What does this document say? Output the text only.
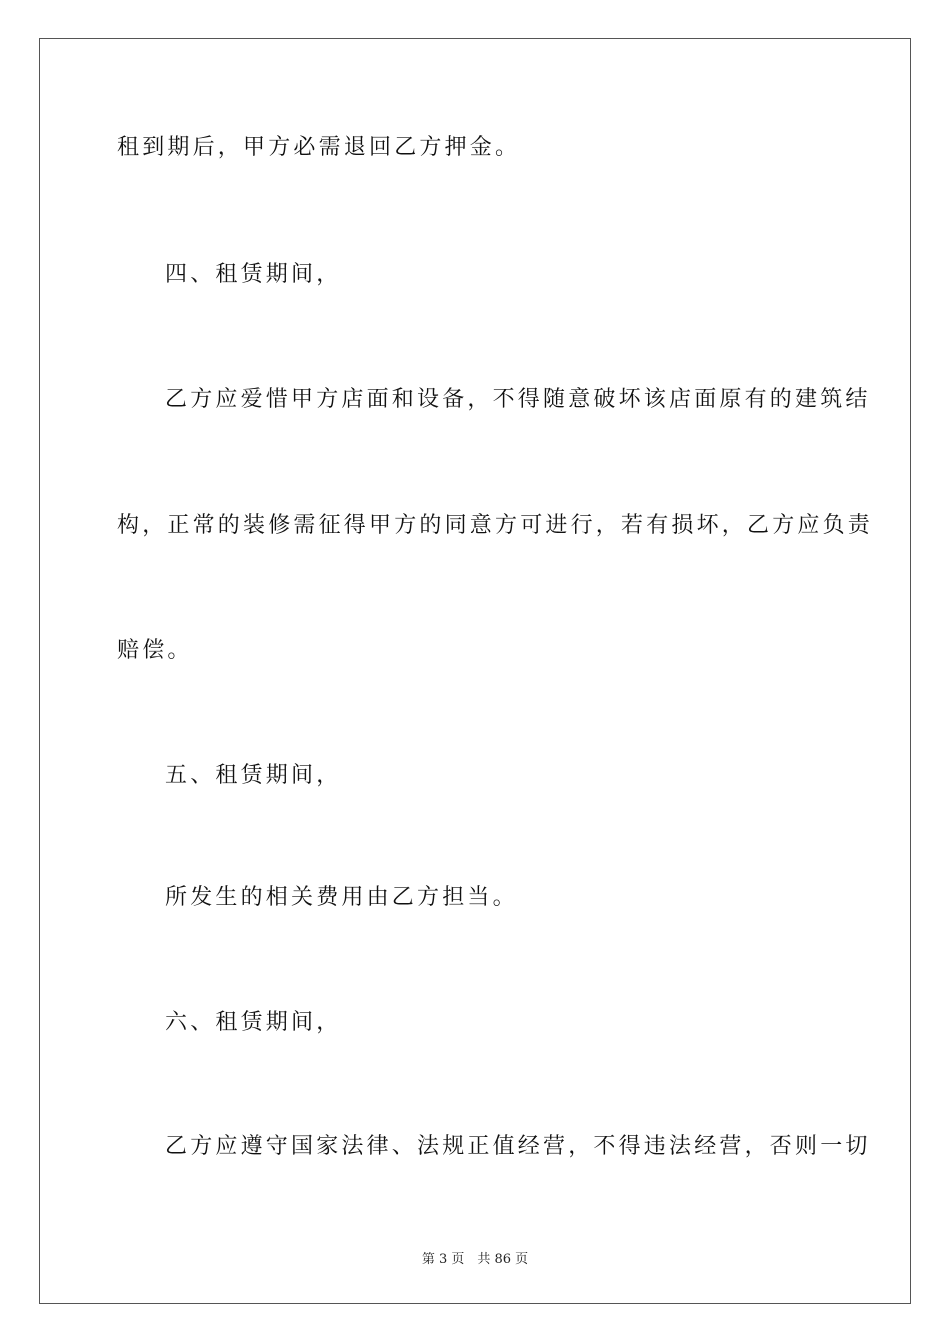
租到期后，甲方必需退回乙方押金。
四、租赁期间，
乙方应爱惜甲方店面和设备，不得随意破坏该店面原有的建筑结
构，正常的装修需征得甲方的同意方可进行，若有损坏，乙方应负责
赔偿。
五、租赁期间，
所发生的相关费用由乙方担当。
六、租赁期间，
乙方应遵守国家法律、法规正值经营，不得违法经营，否则一切
第 3 页　共 86 页
